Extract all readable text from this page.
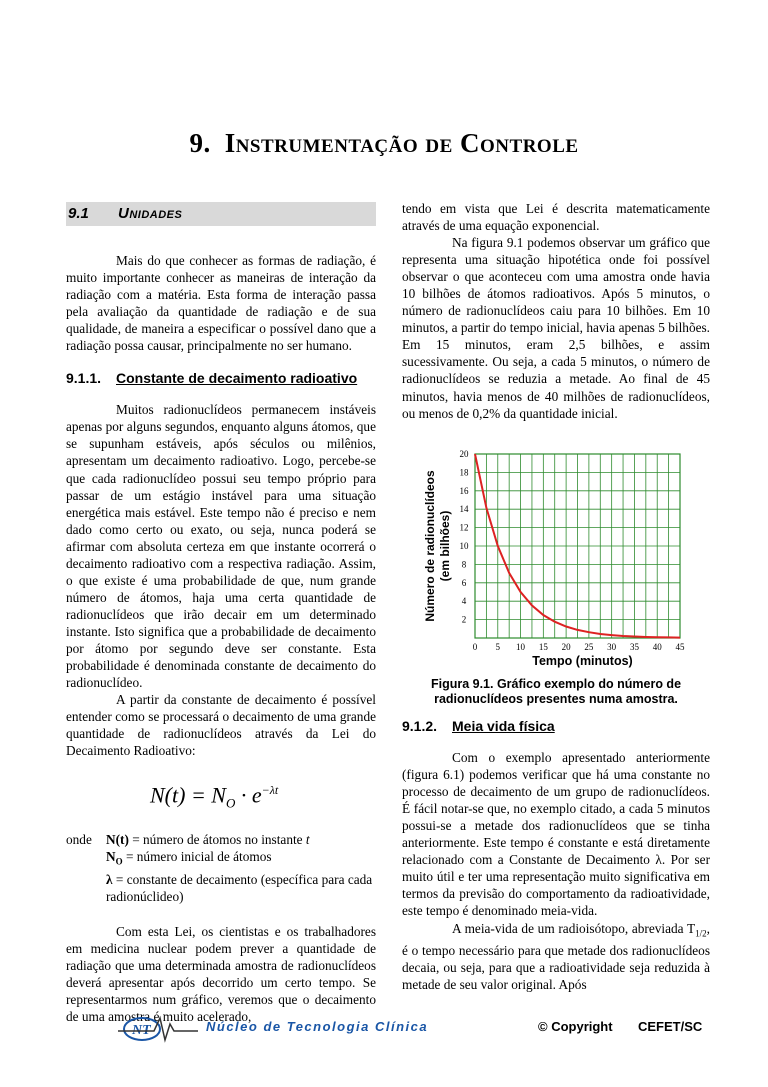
9. Instrumentação de Controle
9.1	Unidades

Mais do que conhecer as formas de radiação, é muito importante conhecer as maneiras de interação da radiação com a matéria. Esta forma de interação passa pela avaliação da quantidade de radiação e de sua qualidade, de maneira a especificar o possível dano que a radiação possa causar, principalmente no ser humano.

9.1.1.	Constante de decaimento radioativo

Muitos radionuclídeos permanecem instáveis apenas por alguns segundos, enquanto alguns átomos, que se supunham estáveis, após séculos ou milênios, apresentam um decaimento radioativo. Logo, percebe-se que cada radionuclídeo possui seu tempo próprio para passar de um estágio instável para uma situação energética mais estável. Este tempo não é preciso e nem dado como certo ou exato, ou seja, nunca poderá se afirmar com absoluta certeza em que instante ocorrerá o decaimento radioativo com a respectiva radiação. Assim, o que existe é uma probabilidade de que, num grande número de átomos, haja uma certa quantidade de radionuclídeos que irão decair em um determinado instante. Isto significa que a probabilidade de decaimento por átomo por segundo deve ser constante. Esta probabilidade é denominada constante de decaimento do radionuclídeo.

A partir da constante de decaimento é possível entender como se processará o decaimento de uma grande quantidade de radionuclídeos através da Lei do Decaimento Radioativo:

$N(t) = N_O \cdot e^{-\lambda t}$
onde	N(t) = número de átomos no instante t
$N_O$ = número inicial de átomos
λ = constante de decaimento (específica para cada radionúclideo)

Com esta Lei, os cientistas e os trabalhadores em medicina nuclear podem prever a quantidade de radiação que uma determinada amostra de radionuclídeos deverá apresentar após decorrido um certo tempo. Se representarmos num gráfico, veremos que o decaimento de uma amostra é muito acelerado,

tendo em vista que Lei é descrita matematicamente através de uma equação exponencial.

Na figura 9.1 podemos observar um gráfico que representa uma situação hipotética onde foi possível observar o que aconteceu com uma amostra onde havia 10 bilhões de átomos radioativos. Após 5 minutos, o número de radionuclídeos caiu para 10 bilhões. Em 10 minutos, a partir do tempo inicial, havia apenas 5 bilhões. Em 15 minutos, eram 2,5 bilhões, e assim sucessivamente. Ou seja, a cada 5 minutos, o número de radionuclídeos se reduzia a metade. Ao final de 45 minutos, havia menos de 40 milhões de radionuclídeos, ou menos de 0,2% da quantidade inicial.

0 5 10 15 20 25 30 35 40 45
2
4
6
8
10
12
14
16
18
20
Número de radionuclídeos(em bilhões)
Tempo (minutos)
Figura 9.1. Gráfico exemplo do número de radionuclídeos presentes numa amostra.
9.1.2.	Meia vida física

Com o exemplo apresentado anteriormente (figura 6.1) podemos verificar que há uma constante no processo de decaimento de um grupo de radionuclídeos. É fácil notar-se que, no exemplo citado, a cada 5 minutos possui-se a metade dos radionuclídeos que se tinha anteriormente. Este tempo é constante e está diretamente relacionado com a Constante de Decaimento λ. Por ser muito útil e ter uma representação muito significativa em termos da previsão do comportamento da radioatividade, este tempo é denominado meia-vida.

A meia-vida de um radioisótopo, abreviada $T_{1/2}$, é o tempo necessário para que metade dos radionuclídeos decaia, ou seja, para que a radioatividade seja reduzida à metade de seu valor original. Após

NT	Núcleo de Tecnologia Clínica	© Copyright CEFET/SC
